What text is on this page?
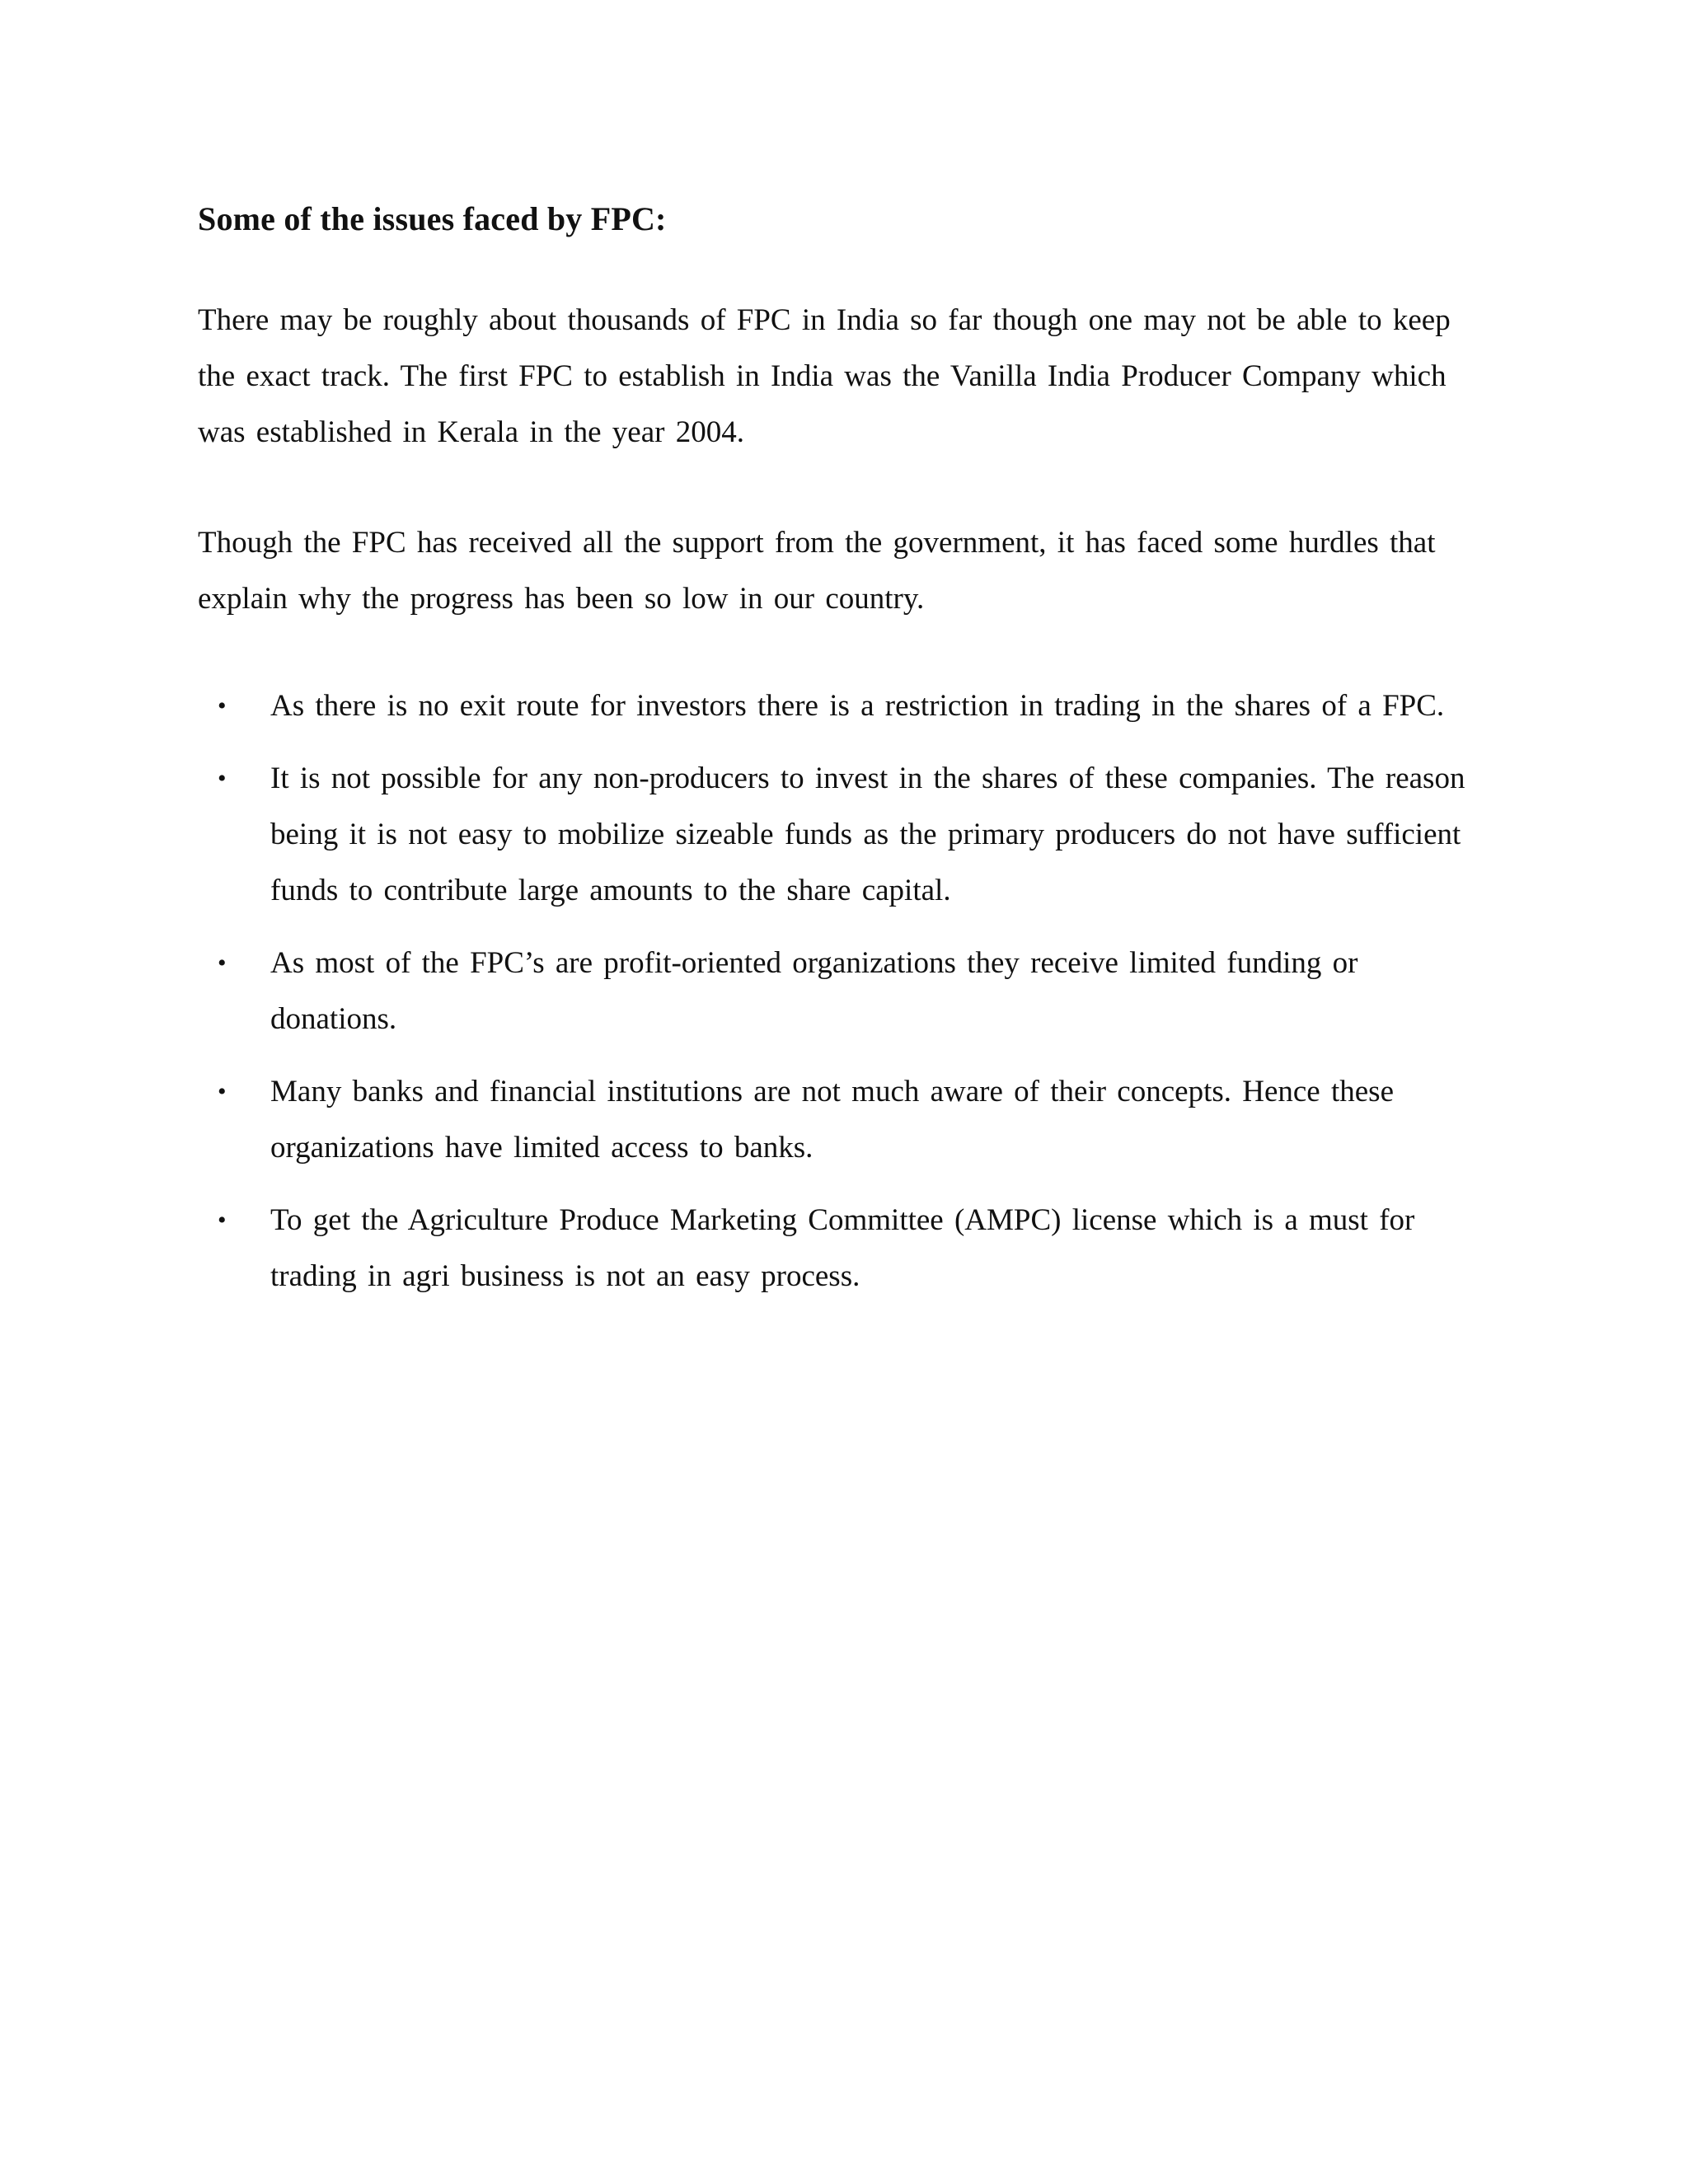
Some of the issues faced by FPC:

There may be roughly about thousands of FPC in India so far though one may not be able to keep the exact track. The first FPC to establish in India was the Vanilla India Producer Company which was established in Kerala in the year 2004.

Though the FPC has received all the support from the government, it has faced some hurdles that explain why the progress has been so low in our country.

• As there is no exit route for investors there is a restriction in trading in the shares of a FPC.
• It is not possible for any non-producers to invest in the shares of these companies. The reason being it is not easy to mobilize sizeable funds as the primary producers do not have sufficient funds to contribute large amounts to the share capital.
• As most of the FPC’s are profit-oriented organizations they receive limited funding or donations.
• Many banks and financial institutions are not much aware of their concepts. Hence these organizations have limited access to banks.
• To get the Agriculture Produce Marketing Committee (AMPC) license which is a must for trading in agri business is not an easy process.
